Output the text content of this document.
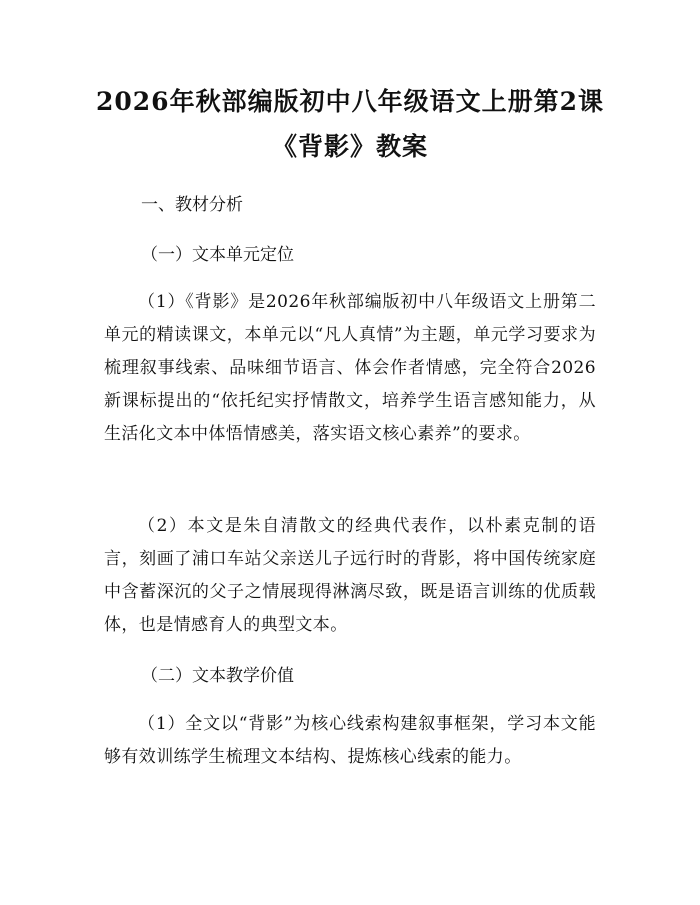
2026年秋部编版初中八年级语文上册第2课
《背影》教案

一、教材分析

（一）文本单元定位

（1）《背影》是2026年秋部编版初中八年级语文上册第二单元的精读课文，本单元以“凡人真情”为主题，单元学习要求为梳理叙事线索、品味细节语言、体会作者情感，完全符合2026新课标提出的“依托纪实抒情散文，培养学生语言感知能力，从生活化文本中体悟情感美，落实语文核心素养”的要求。

（2）本文是朱自清散文的经典代表作，以朴素克制的语言，刻画了浦口车站父亲送儿子远行时的背影，将中国传统家庭中含蓄深沉的父子之情展现得淋漓尽致，既是语言训练的优质载体，也是情感育人的典型文本。

（二）文本教学价值

（1）全文以“背影”为核心线索构建叙事框架，学习本文能够有效训练学生梳理文本结构、提炼核心线索的能力。
